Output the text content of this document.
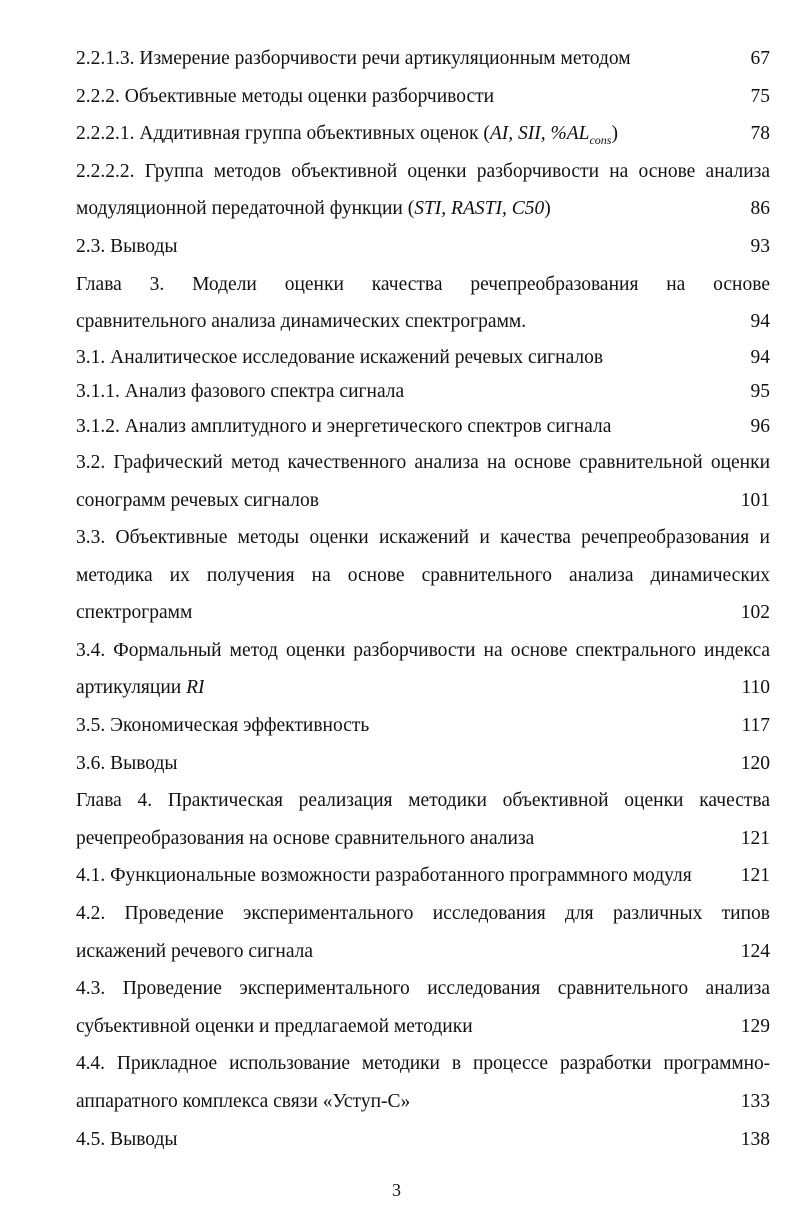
2.2.1.3. Измерение разборчивости речи артикуляционным методом	67
2.2.2. Объективные методы оценки разборчивости	75
2.2.2.1. Аддитивная группа объективных оценок (AI, SII, $\%AL_{cons}$)	78
2.2.2.2. Группа методов объективной оценки разборчивости на основе анализа
модуляционной передаточной функции (STI, RASTI, C50)	86
2.3. Выводы	93
Глава 3. Модели оценки качества речепреобразования на основе
сравнительного анализа динамических спектрограмм.	94
3.1. Аналитическое исследование искажений речевых сигналов	94
3.1.1. Анализ фазового спектра сигнала	95
3.1.2. Анализ амплитудного и энергетического спектров сигнала	96
3.2. Графический метод качественного анализа на основе сравнительной оценки
сонограмм речевых сигналов	101
3.3. Объективные методы оценки искажений и качества речепреобразования и
методика их получения на основе сравнительного анализа динамических
спектрограмм	102
3.4. Формальный метод оценки разборчивости на основе спектрального индекса
артикуляции RI	110
3.5. Экономическая эффективность	117
3.6. Выводы	120
Глава 4. Практическая реализация методики объективной оценки качества
речепреобразования на основе сравнительного анализа	121
4.1. Функциональные возможности разработанного программного модуля	121
4.2. Проведение экспериментального исследования для различных типов
искажений речевого сигнала	124
4.3. Проведение экспериментального исследования сравнительного анализа
субъективной оценки и предлагаемой методики	129
4.4. Прикладное использование методики в процессе разработки программно-
аппаратного комплекса связи «Уступ-С»	133
4.5. Выводы	138
3
